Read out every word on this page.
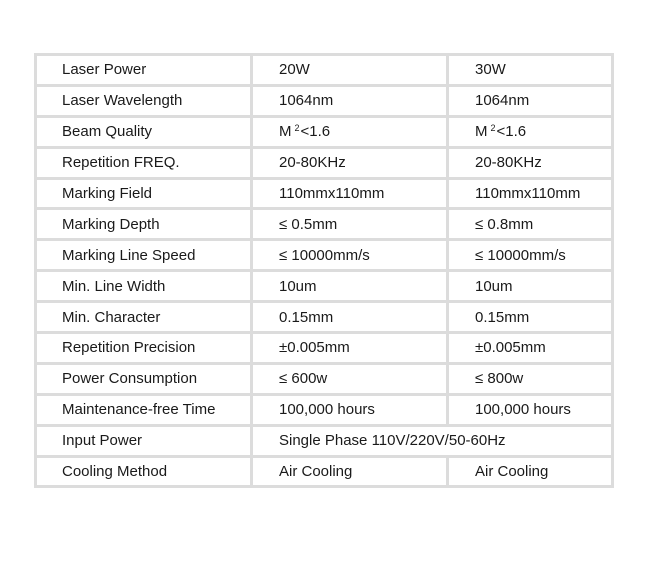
Laser Power	20W	30W
Laser Wavelength	1064nm	1064nm
Beam Quality	M $^2$<1.6	M $^2$<1.6
Repetition FREQ.	20-80KHz	20-80KHz
Marking Field	110mmx110mm	110mmx110mm
Marking Depth	≤ 0.5mm	≤ 0.8mm
Marking Line Speed	≤ 10000mm/s	≤ 10000mm/s
Min. Line Width	10um	10um
Min. Character	0.15mm	0.15mm
Repetition Precision	±0.005mm	±0.005mm
Power Consumption	≤ 600w	≤ 800w
Maintenance-free Time	100,000 hours	100,000 hours
Input Power	Single Phase 110V/220V/50-60Hz	
Cooling Method	Air Cooling	Air Cooling
